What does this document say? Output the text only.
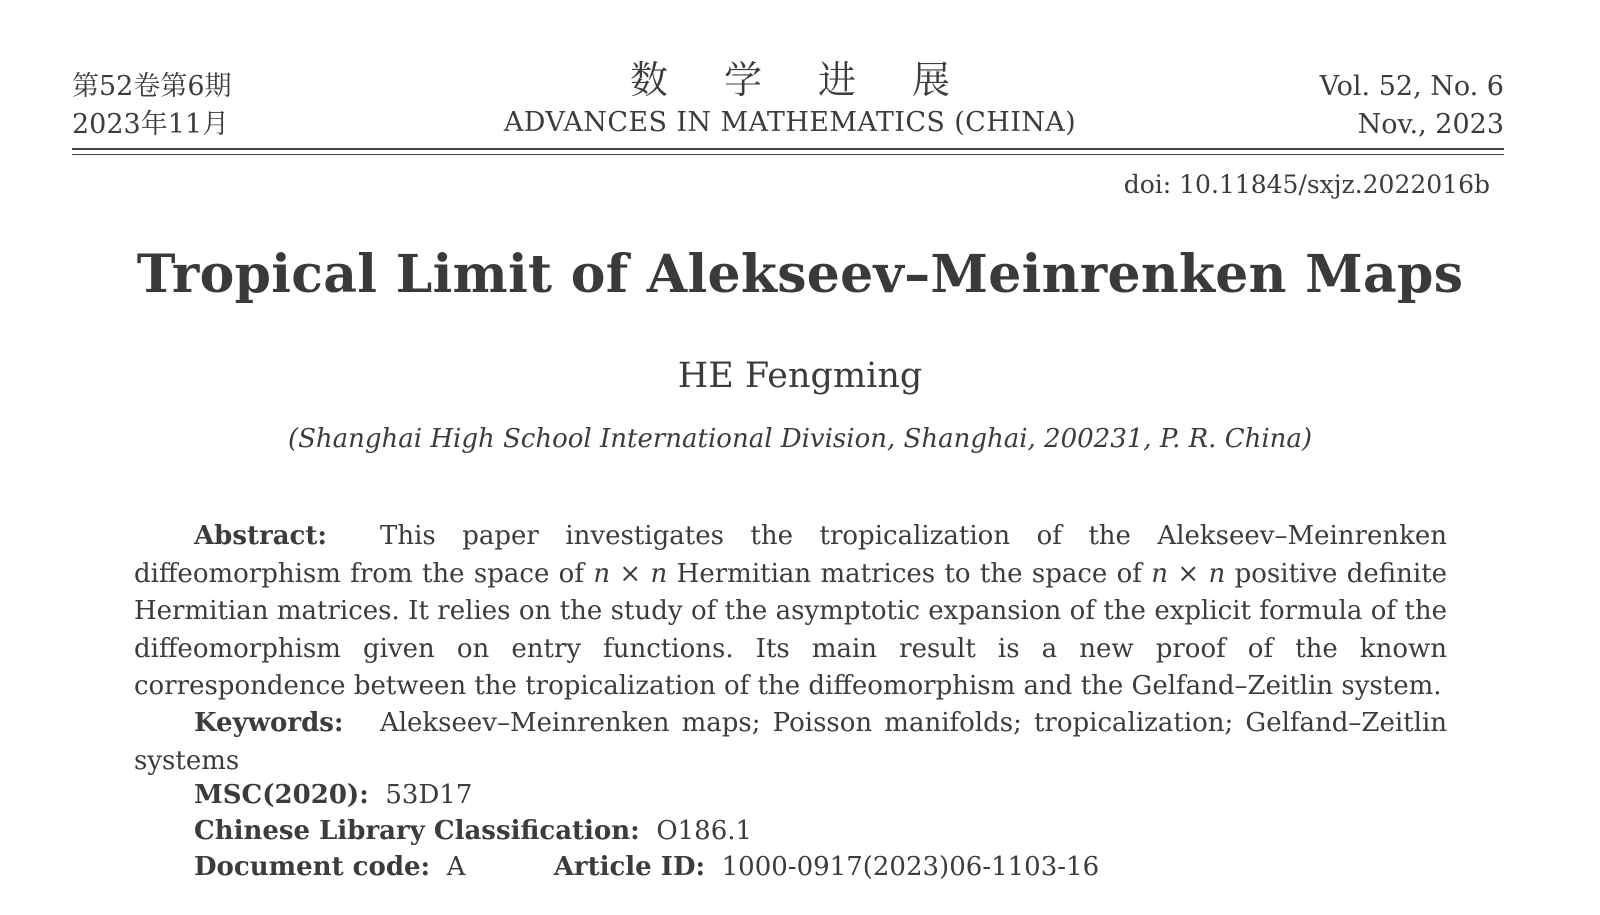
第52卷第6期
2023年11月
数学进展
ADVANCES IN MATHEMATICS (CHINA)
Vol. 52, No. 6
Nov., 2023
doi: 10.11845/sxjz.2022016b
Tropical Limit of Alekseev–Meinrenken Maps
HE Fengming
(Shanghai High School International Division, Shanghai, 200231, P. R. China)
Abstract: This paper investigates the tropicalization of the Alekseev–Meinrenken diffeomorphism from the space of n × n Hermitian matrices to the space of n × n positive definite Hermitian matrices. It relies on the study of the asymptotic expansion of the explicit formula of the diffeomorphism given on entry functions. Its main result is a new proof of the known correspondence between the tropicalization of the diffeomorphism and the Gelfand–Zeitlin system.
Keywords: Alekseev–Meinrenken maps; Poisson manifolds; tropicalization; Gelfand–Zeitlin systems
MSC(2020): 53D17
Chinese Library Classification: O186.1
Document code: A	Article ID: 1000-0917(2023)06-1103-16
